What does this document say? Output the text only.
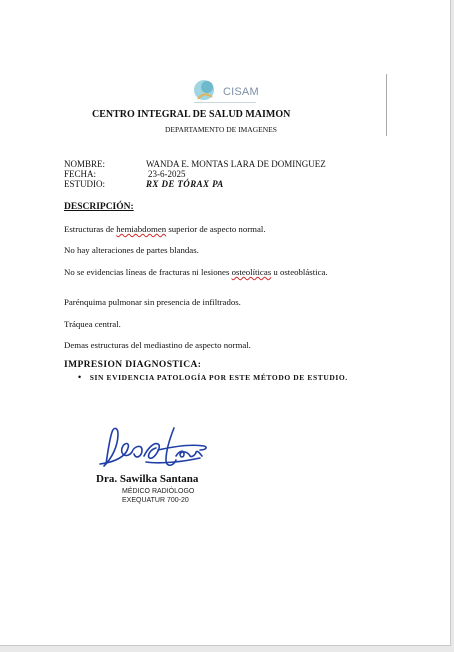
CISAM
CENTRO INTEGRAL DE SALUD MAIMON
DEPARTAMENTO DE IMAGENES
NOMBRE:	WANDA E. MONTAS LARA DE DOMINGUEZ
FECHA:	23-6-2025
ESTUDIO:	RX DE TÓRAX PA
DESCRIPCIÓN:
Estructuras de hemiabdomen superior de aspecto normal.
No hay alteraciones de partes blandas.
No se evidencias líneas de fracturas ni lesiones osteolíticas u osteoblástica.
Parénquima pulmonar sin presencia de infiltrados.
Tráquea central.
Demas estructuras del mediastino de aspecto normal.
IMPRESION DIAGNOSTICA:
• SIN EVIDENCIA PATOLOGÍA POR ESTE MÉTODO DE ESTUDIO.
Dra. Sawilka Santana
MÉDICO RADIÓLOGO
EXEQUATUR 700-20
